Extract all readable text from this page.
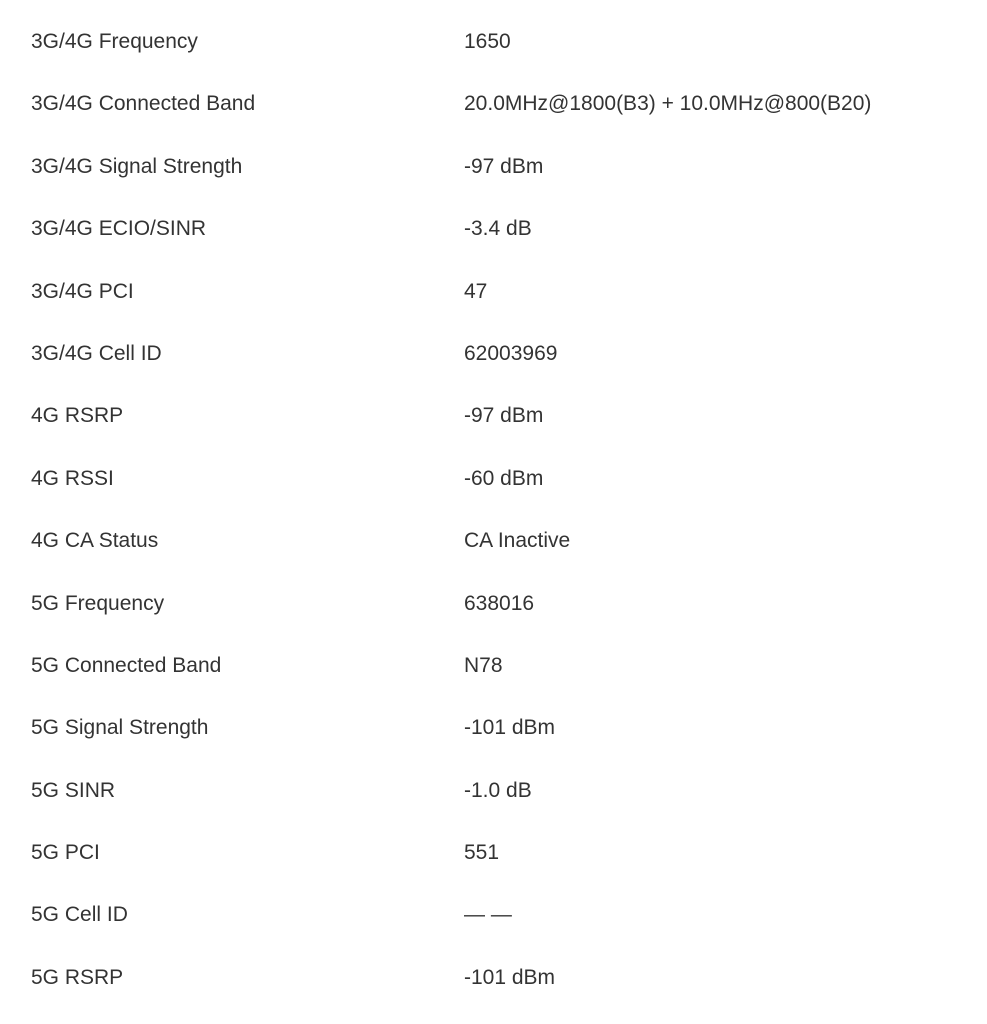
3G/4G Frequency	1650
3G/4G Connected Band	20.0MHz@1800(B3) + 10.0MHz@800(B20)
3G/4G Signal Strength	-97 dBm
3G/4G ECIO/SINR	-3.4 dB
3G/4G PCI	47
3G/4G Cell ID	62003969
4G RSRP	-97 dBm
4G RSSI	-60 dBm
4G CA Status	CA Inactive
5G Frequency	638016
5G Connected Band	N78
5G Signal Strength	-101 dBm
5G SINR	-1.0 dB
5G PCI	551
5G Cell ID	— —
5G RSRP	-101 dBm
